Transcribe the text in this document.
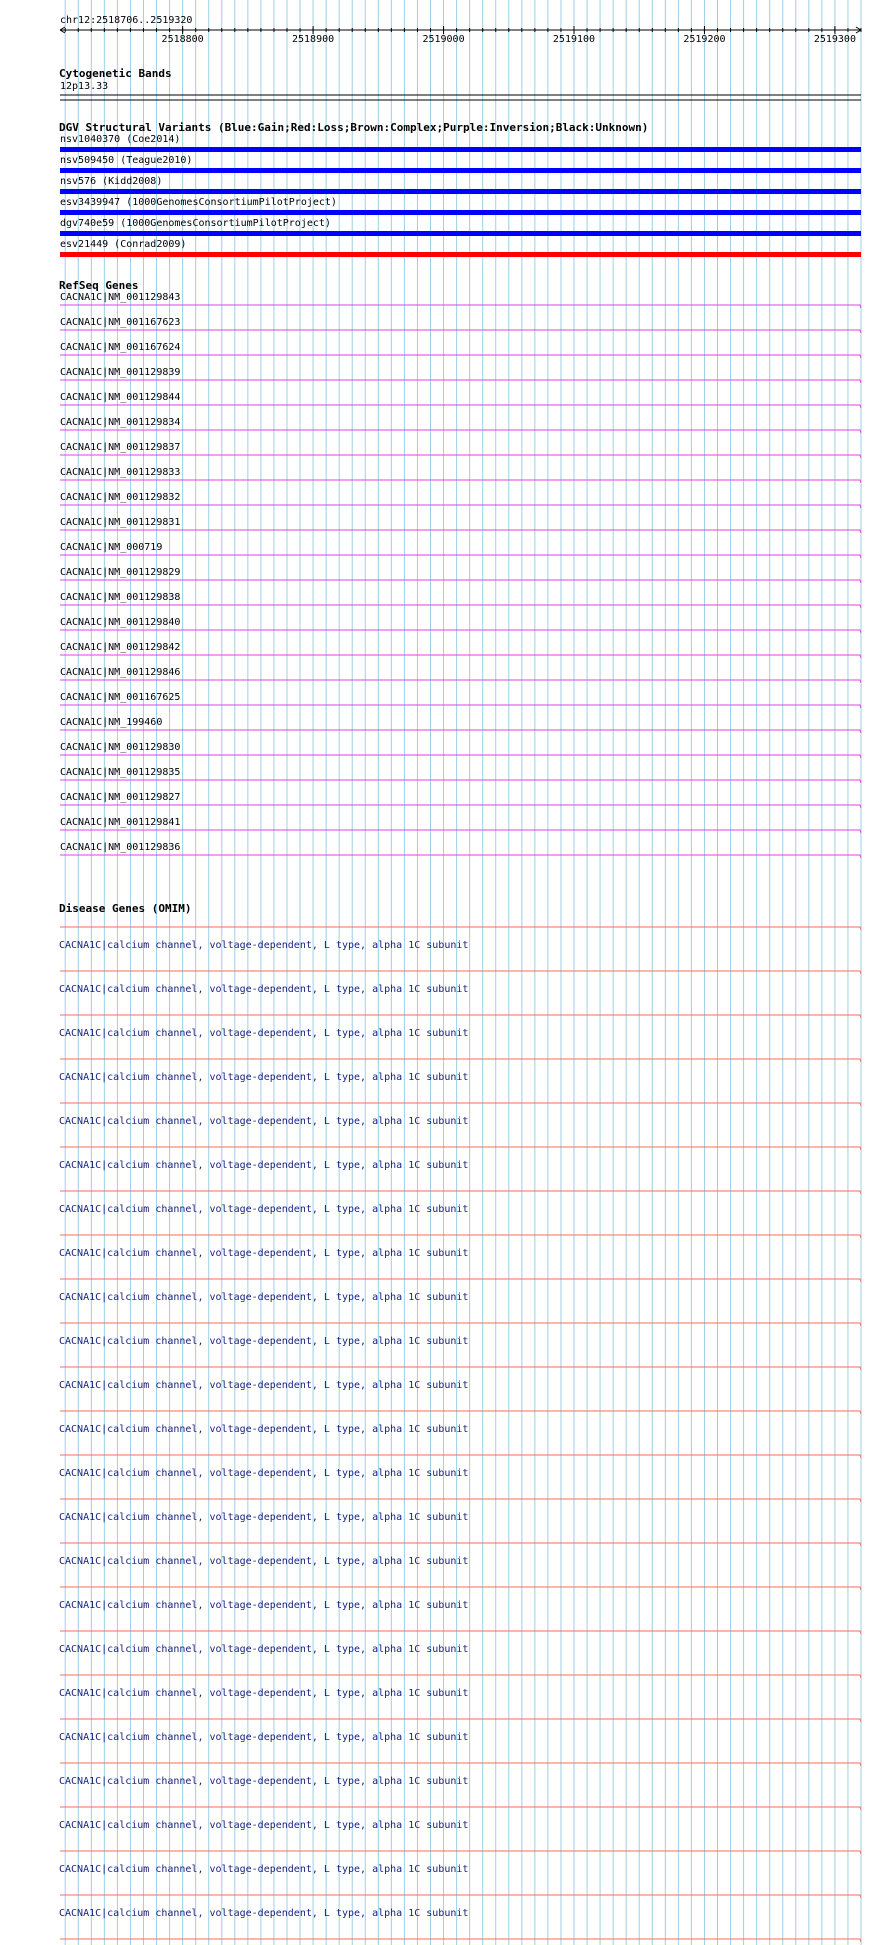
chr12:2518706..2519320
2518800	2518900	2519000	2519100	2519200	2519300
Cytogenetic Bands
12p13.33
DGV Structural Variants (Blue:Gain;Red:Loss;Brown:Complex;Purple:Inversion;Black:Unknown)
nsv1040370 (Coe2014)
nsv509450 (Teague2010)
nsv576 (Kidd2008)
esv3439947 (1000GenomesConsortiumPilotProject)
dgv740e59 (1000GenomesConsortiumPilotProject)
esv21449 (Conrad2009)
RefSeq Genes
CACNA1C|NM_001129843
CACNA1C|NM_001167623
CACNA1C|NM_001167624
CACNA1C|NM_001129839
CACNA1C|NM_001129844
CACNA1C|NM_001129834
CACNA1C|NM_001129837
CACNA1C|NM_001129833
CACNA1C|NM_001129832
CACNA1C|NM_001129831
CACNA1C|NM_000719
CACNA1C|NM_001129829
CACNA1C|NM_001129838
CACNA1C|NM_001129840
CACNA1C|NM_001129842
CACNA1C|NM_001129846
CACNA1C|NM_001167625
CACNA1C|NM_199460
CACNA1C|NM_001129830
CACNA1C|NM_001129835
CACNA1C|NM_001129827
CACNA1C|NM_001129841
CACNA1C|NM_001129836
Disease Genes (OMIM)
CACNA1C|calcium channel, voltage-dependent, L type, alpha 1C subunit
CACNA1C|calcium channel, voltage-dependent, L type, alpha 1C subunit
CACNA1C|calcium channel, voltage-dependent, L type, alpha 1C subunit
CACNA1C|calcium channel, voltage-dependent, L type, alpha 1C subunit
CACNA1C|calcium channel, voltage-dependent, L type, alpha 1C subunit
CACNA1C|calcium channel, voltage-dependent, L type, alpha 1C subunit
CACNA1C|calcium channel, voltage-dependent, L type, alpha 1C subunit
CACNA1C|calcium channel, voltage-dependent, L type, alpha 1C subunit
CACNA1C|calcium channel, voltage-dependent, L type, alpha 1C subunit
CACNA1C|calcium channel, voltage-dependent, L type, alpha 1C subunit
CACNA1C|calcium channel, voltage-dependent, L type, alpha 1C subunit
CACNA1C|calcium channel, voltage-dependent, L type, alpha 1C subunit
CACNA1C|calcium channel, voltage-dependent, L type, alpha 1C subunit
CACNA1C|calcium channel, voltage-dependent, L type, alpha 1C subunit
CACNA1C|calcium channel, voltage-dependent, L type, alpha 1C subunit
CACNA1C|calcium channel, voltage-dependent, L type, alpha 1C subunit
CACNA1C|calcium channel, voltage-dependent, L type, alpha 1C subunit
CACNA1C|calcium channel, voltage-dependent, L type, alpha 1C subunit
CACNA1C|calcium channel, voltage-dependent, L type, alpha 1C subunit
CACNA1C|calcium channel, voltage-dependent, L type, alpha 1C subunit
CACNA1C|calcium channel, voltage-dependent, L type, alpha 1C subunit
CACNA1C|calcium channel, voltage-dependent, L type, alpha 1C subunit
CACNA1C|calcium channel, voltage-dependent, L type, alpha 1C subunit
